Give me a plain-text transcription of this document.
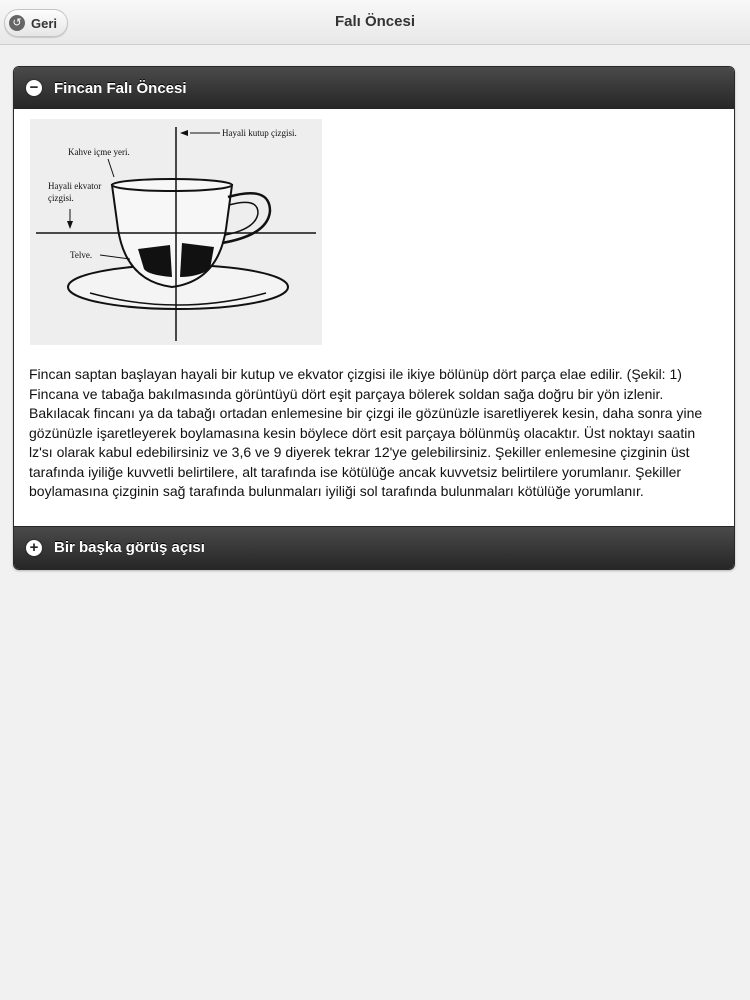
↺ Geri	Falı Öncesi
− Fincan Falı Öncesi
Hayali kutup çizgisi.
Kahve içme yeri.
Hayali ekvator
çizgisi.
Telve.

Fincan saptan başlayan hayali bir kutup ve ekvator çizgisi ile ikiye bölünüp dört parça elae edilir. (Şekil: 1) Fincana ve tabağa bakılmasında görüntüyü dört eşit parçaya bölerek soldan sağa doğru bir yön izlenir. Bakılacak fincanı ya da tabağı ortadan enlemesine bir çizgi ile gözünüzle isaretliyerek kesin, daha sonra yine gözünüzle işaretleyerek boylamasına kesin böylece dört esit parçaya bölünmüş olacaktır. Üst noktayı saatin lz'sı olarak kabul edebilirsiniz ve 3,6 ve 9 diyerek tekrar 12'ye gelebilirsiniz. Şekiller enlemesine çizginin üst tarafında iyiliğe kuvvetli belirtilere, alt tarafında ise kötülüğe ancak kuvvetsiz belirtilere yorumlanır. Şekiller boylamasına çizginin sağ tarafında bulunmaları iyiliği sol tarafında bulunmaları kötülüğe yorumlanır.

+ Bir başka görüş açısı
